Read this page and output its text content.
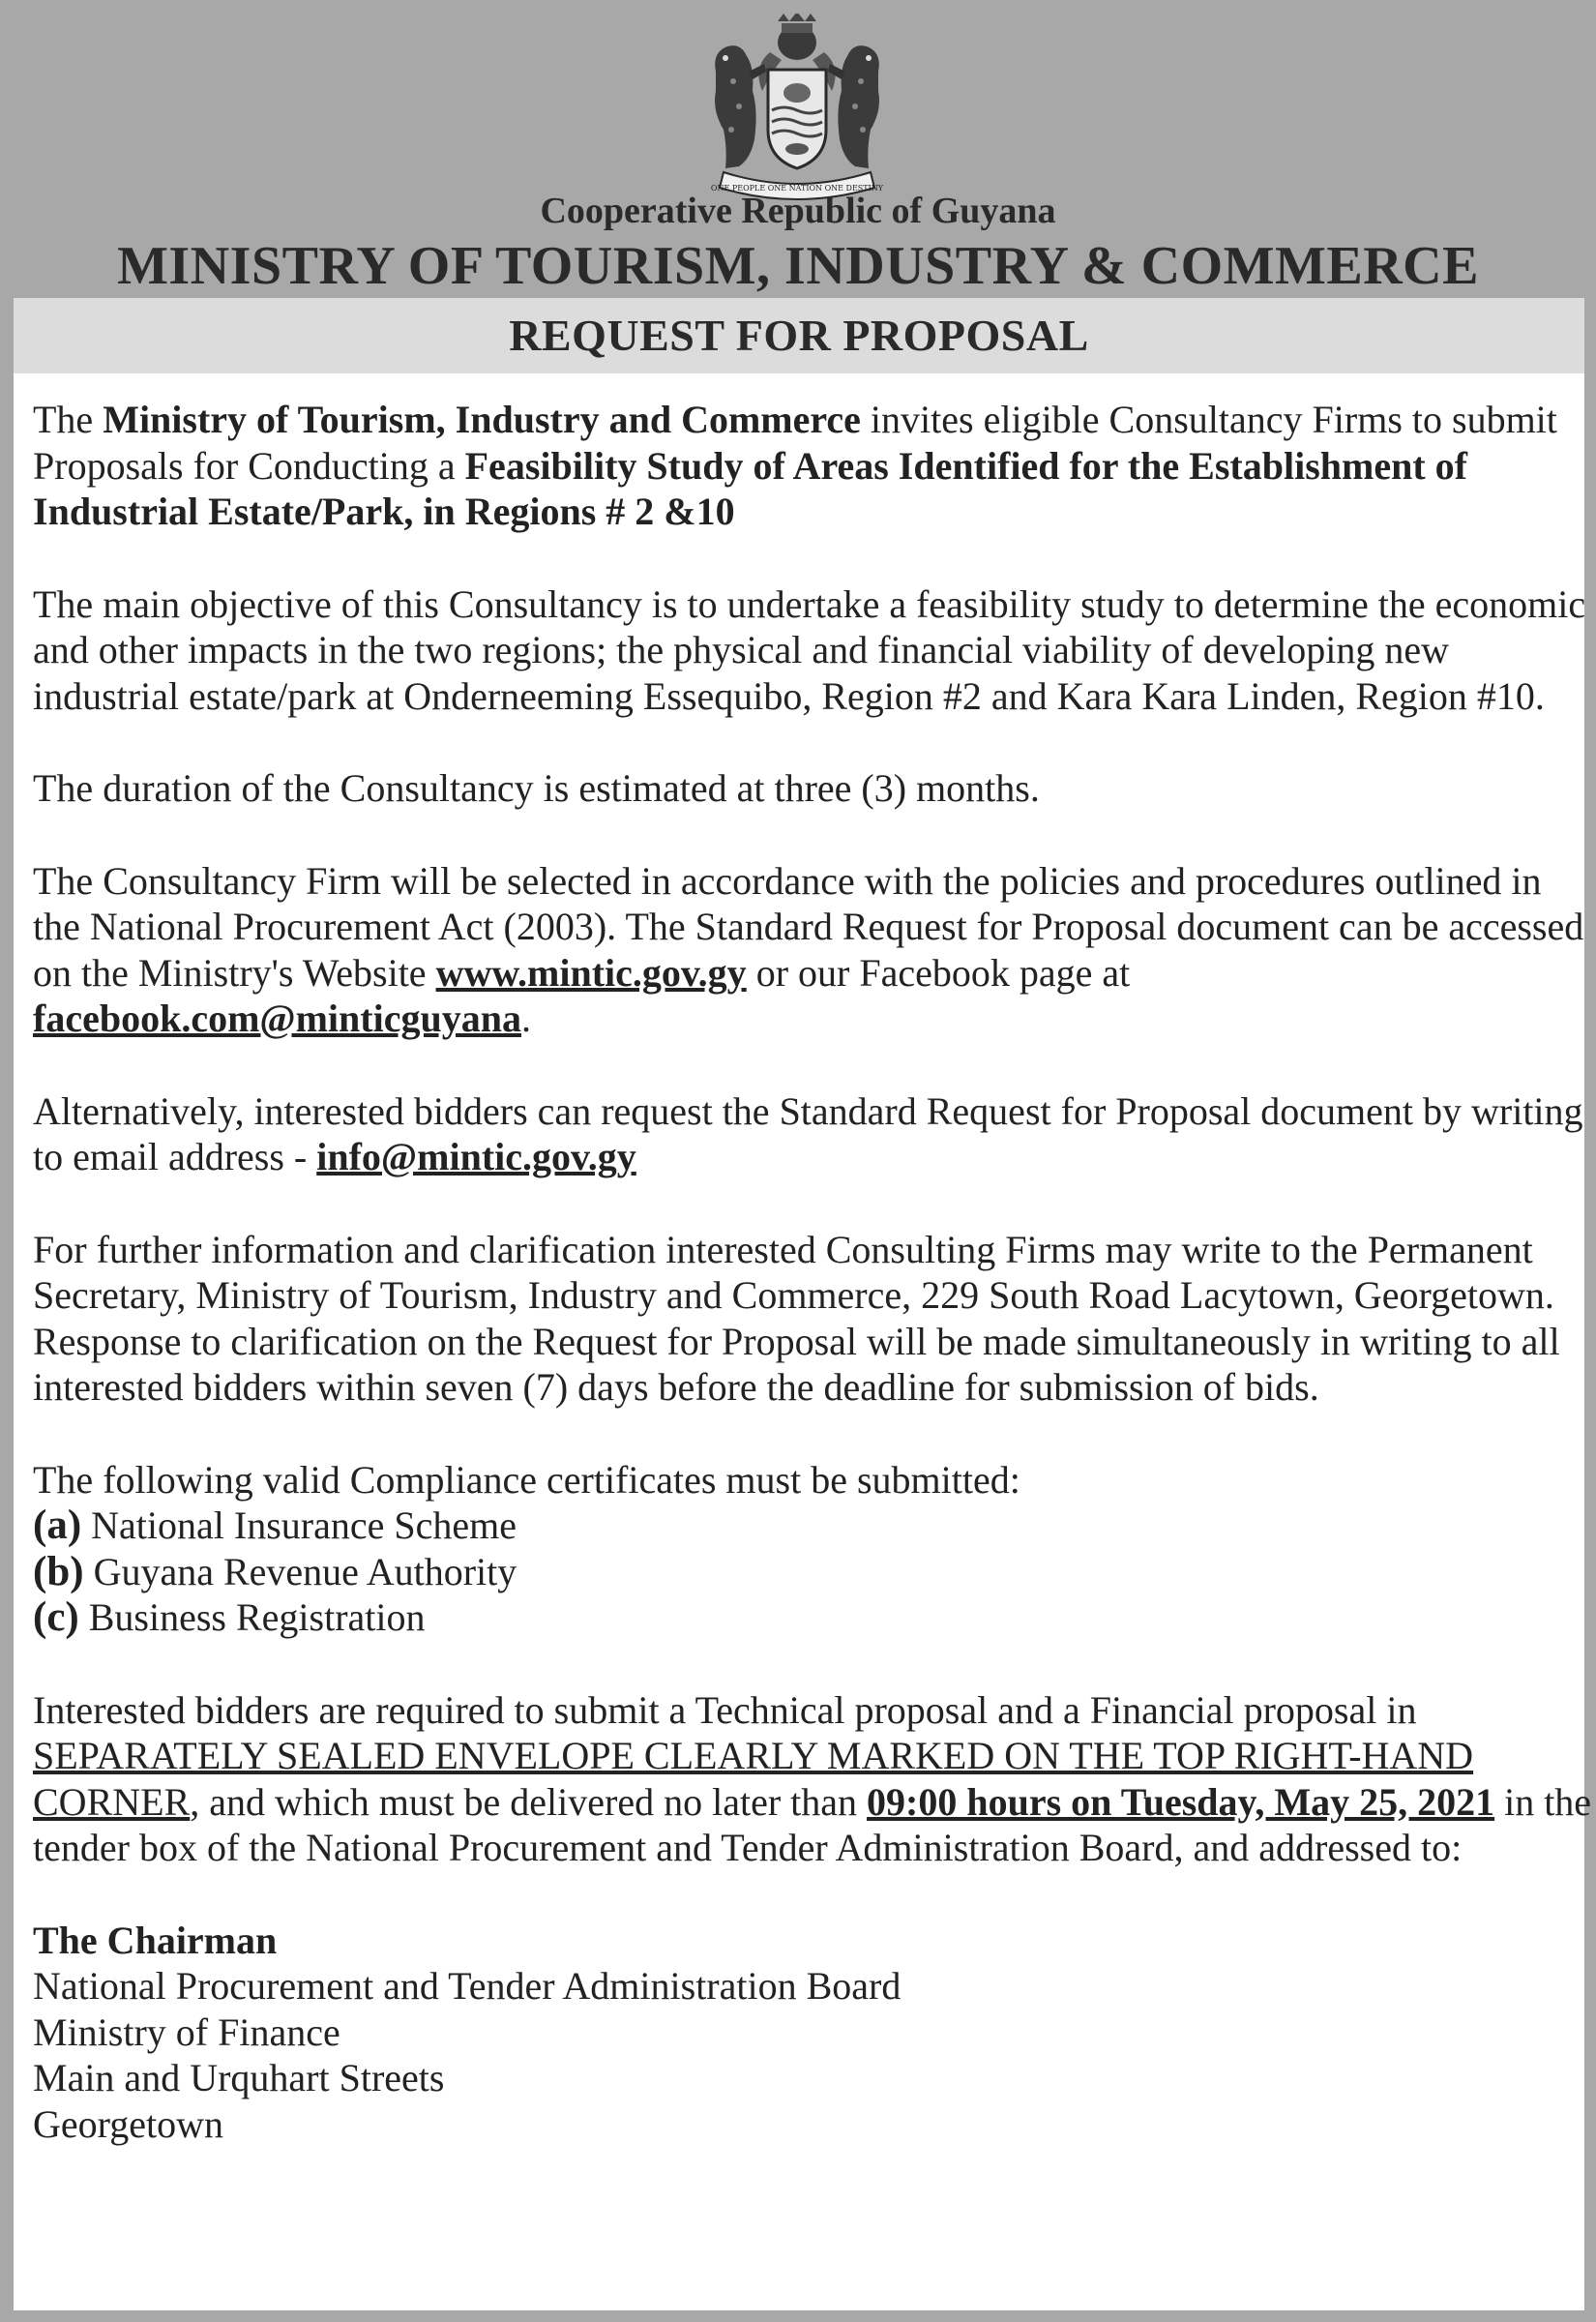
ONE PEOPLE ONE NATION ONE DESTINY
Cooperative Republic of Guyana
MINISTRY OF TOURISM, INDUSTRY & COMMERCE
REQUEST FOR PROPOSAL

The Ministry of Tourism, Industry and Commerce invites eligible Consultancy Firms to submit Proposals for Conducting a Feasibility Study of Areas Identified for the Establishment of Industrial Estate/Park, in Regions # 2 &10

The main objective of this Consultancy is to undertake a feasibility study to determine the economic and other impacts in the two regions; the physical and financial viability of developing new industrial estate/park at Onderneeming Essequibo, Region #2 and Kara Kara Linden, Region #10.

The duration of the Consultancy is estimated at three (3) months.

The Consultancy Firm will be selected in accordance with the policies and procedures outlined in the National Procurement Act (2003). The Standard Request for Proposal document can be accessed on the Ministry's Website www.mintic.gov.gy or our Facebook page at facebook.com@minticguyana.

Alternatively, interested bidders can request the Standard Request for Proposal document by writing to email address - info@mintic.gov.gy

For further information and clarification interested Consulting Firms may write to the Permanent Secretary, Ministry of Tourism, Industry and Commerce, 229 South Road Lacytown, Georgetown. Response to clarification on the Request for Proposal will be made simultaneously in writing to all interested bidders within seven (7) days before the deadline for submission of bids.

The following valid Compliance certificates must be submitted:

(a) National Insurance Scheme

(b) Guyana Revenue Authority

(c) Business Registration

Interested bidders are required to submit a Technical proposal and a Financial proposal in SEPARATELY SEALED ENVELOPE CLEARLY MARKED ON THE TOP RIGHT-HAND CORNER, and which must be delivered no later than 09:00 hours on Tuesday, May 25, 2021 in the tender box of the National Procurement and Tender Administration Board, and addressed to:

The Chairman

National Procurement and Tender Administration Board

Ministry of Finance

Main and Urquhart Streets

Georgetown
